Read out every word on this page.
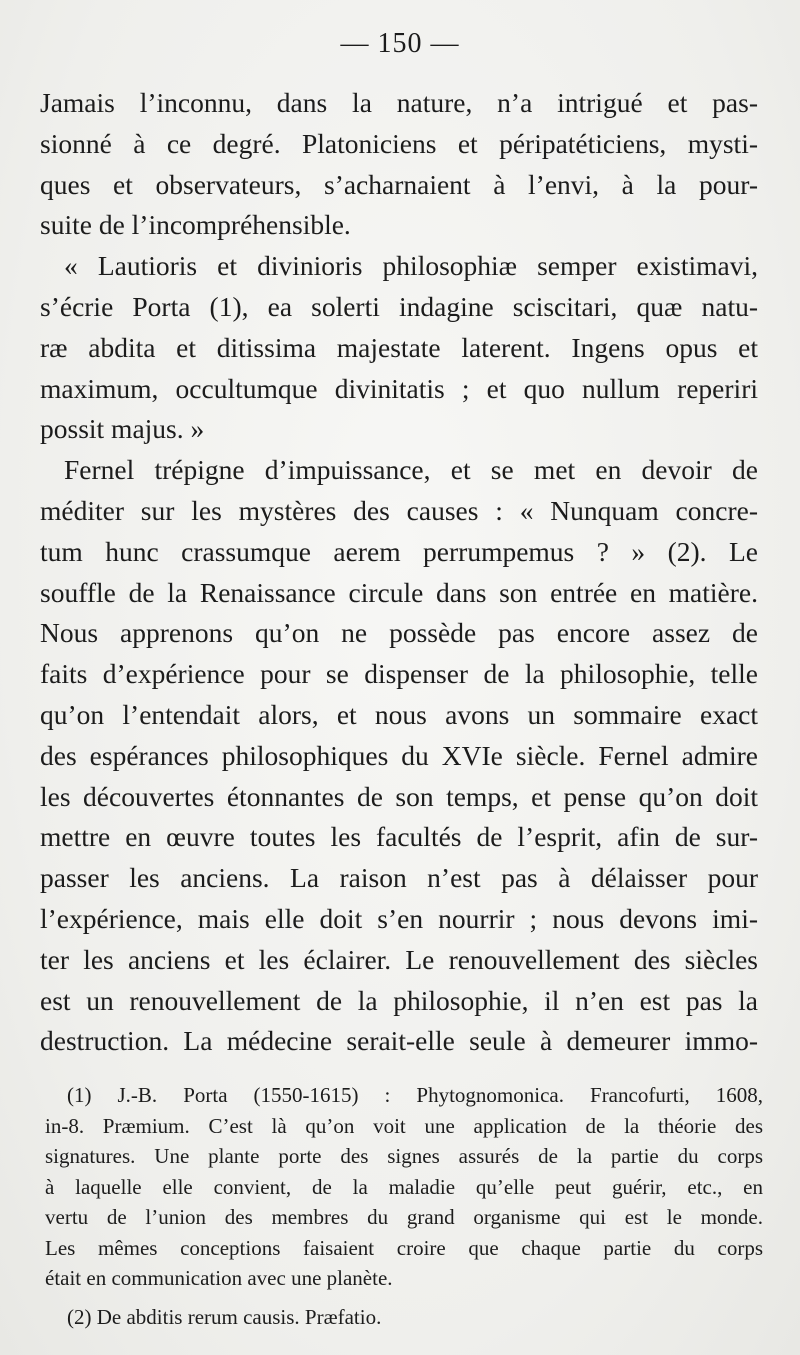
— 150 —
Jamais l’inconnu, dans la nature, n’a intrigué et pas-
sionné à ce degré. Platoniciens et péripatéticiens, mysti-
ques et observateurs, s’acharnaient à l’envi, à la pour-
suite de l’incompréhensible.
« Lautioris et divinioris philosophiæ semper existimavi,
s’écrie Porta (1), ea solerti indagine sciscitari, quæ natu-
ræ abdita et ditissima majestate laterent. Ingens opus et
maximum, occultumque divinitatis ; et quo nullum reperiri
possit majus. »
Fernel trépigne d’impuissance, et se met en devoir de
méditer sur les mystères des causes : « Nunquam concre-
tum hunc crassumque aerem perrumpemus ? » (2). Le
souffle de la Renaissance circule dans son entrée en matière.
Nous apprenons qu’on ne possède pas encore assez de
faits d’expérience pour se dispenser de la philosophie, telle
qu’on l’entendait alors, et nous avons un sommaire exact
des espérances philosophiques du XVIe siècle. Fernel admire
les découvertes étonnantes de son temps, et pense qu’on doit
mettre en œuvre toutes les facultés de l’esprit, afin de sur-
passer les anciens. La raison n’est pas à délaisser pour
l’expérience, mais elle doit s’en nourrir ; nous devons imi-
ter les anciens et les éclairer. Le renouvellement des siècles
est un renouvellement de la philosophie, il n’en est pas la
destruction. La médecine serait-elle seule à demeurer immo-
(1) J.-B. Porta (1550-1615) : Phytognomonica. Francofurti, 1608,
in-8. Præmium. C’est là qu’on voit une application de la théorie des
signatures. Une plante porte des signes assurés de la partie du corps
à laquelle elle convient, de la maladie qu’elle peut guérir, etc., en
vertu de l’union des membres du grand organisme qui est le monde.
Les mêmes conceptions faisaient croire que chaque partie du corps
était en communication avec une planète.
(2) De abditis rerum causis. Præfatio.
